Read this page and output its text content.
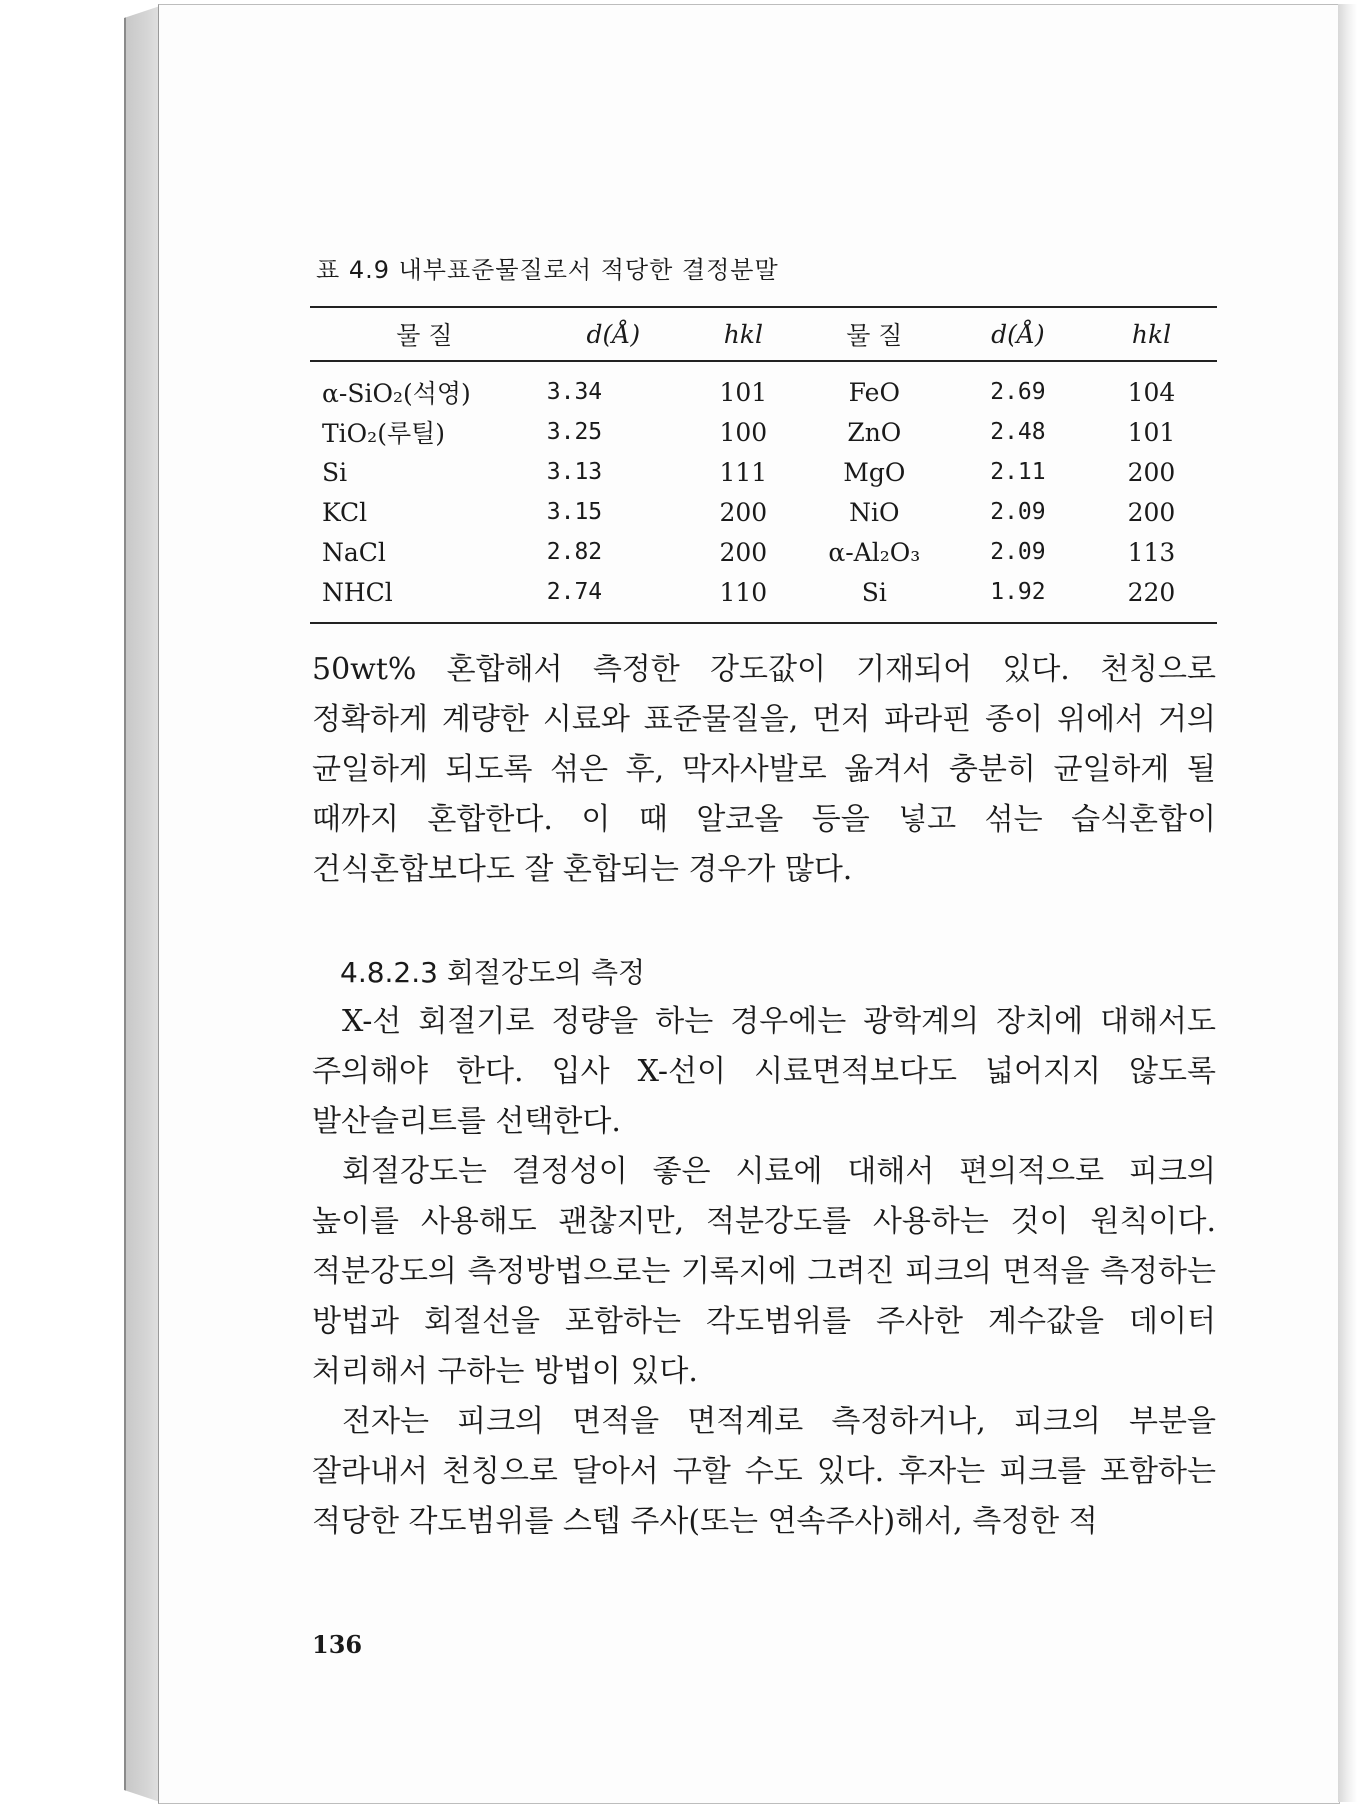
표 4.9 내부표준물질로서 적당한 결정분말
물 질	d(Å)	hkl	물 질	d(Å)	hkl
α-SiO₂(석영)	3.34	101	FeO	2.69	104
TiO₂(루틸)	3.25	100	ZnO	2.48	101
Si	3.13	111	MgO	2.11	200
KCl	3.15	200	NiO	2.09	200
NaCl	2.82	200	α-Al₂O₃	2.09	113
NHCl	2.74	110	Si	1.92	220

50wt% 혼합해서 측정한 강도값이 기재되어 있다. 천칭으로 정확하게 계량한 시료와 표준물질을, 먼저 파라핀 종이 위에서 거의 균일하게 되도록 섞은 후, 막자사발로 옮겨서 충분히 균일하게 될 때까지 혼합한다. 이 때 알코올 등을 넣고 섞는 습식혼합이 건식혼합보다도 잘 혼합되는 경우가 많다.

4.8.2.3 회절강도의 측정

X-선 회절기로 정량을 하는 경우에는 광학계의 장치에 대해서도 주의해야 한다. 입사 X-선이 시료면적보다도 넓어지지 않도록 발산슬리트를 선택한다.

회절강도는 결정성이 좋은 시료에 대해서 편의적으로 피크의 높이를 사용해도 괜찮지만, 적분강도를 사용하는 것이 원칙이다. 적분강도의 측정방법으로는 기록지에 그려진 피크의 면적을 측정하는 방법과 회절선을 포함하는 각도범위를 주사한 계수값을 데이터 처리해서 구하는 방법이 있다.

전자는 피크의 면적을 면적계로 측정하거나, 피크의 부분을 잘라내서 천칭으로 달아서 구할 수도 있다. 후자는 피크를 포함하는 적당한 각도범위를 스텝 주사(또는 연속주사)해서, 측정한 적

136
